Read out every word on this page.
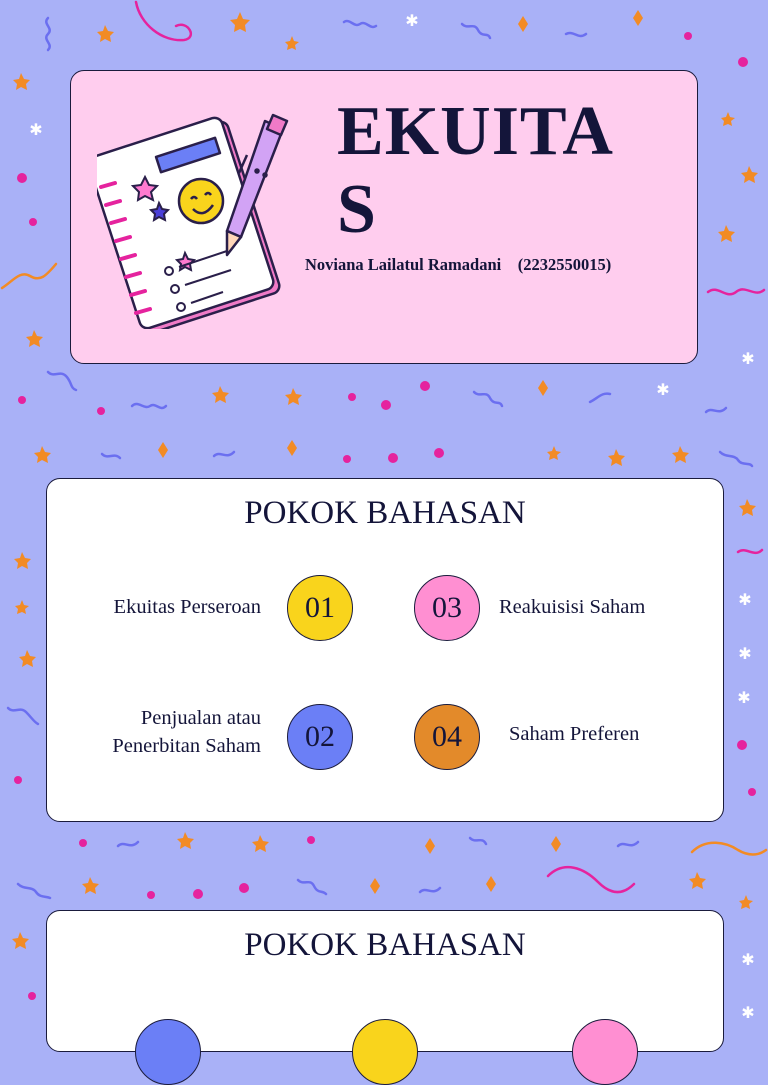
✱
✱
✱
✱
✱
✱
✱
✱
✱
EKUITAS
Noviana Lailatul Ramadani    (2232550015)
POKOK BAHASAN
Ekuitas Perseroan 01	03 Reakuisisi Saham
Penjualan atau
Penerbitan Saham 02	04 Saham Preferen
POKOK BAHASAN
